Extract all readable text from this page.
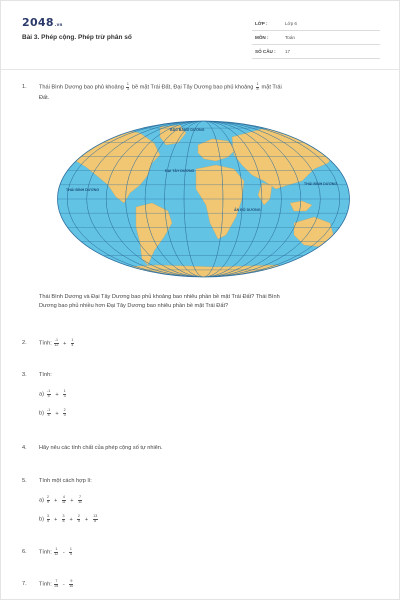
2048.vn
Bài 3. Phép cộng. Phép trừ phân số
LỚP :	Lớp 6
MÔN :	Toán
SỐ CÂU : 17
1. Thái Bình Dương bao phủ khoảng $\frac{1}{3}$ bề mặt Trái Đất, Đại Tây Dương bao phủ khoảng $\frac{1}{5}$ mặt Trái
Đất.
BẮC BĂNG DƯƠNG
ĐẠI TÂY DƯƠNG
THÁI BÌNH DƯƠNG
THÁI BÌNH DƯƠNG
ẤN ĐỘ DƯƠNG
Thái Bình Dương và Đại Tây Dương bao phủ khoảng bao nhiêu phần bề mặt Trái Đất? Thái Bình
Dương bao phủ nhiều hơn Đại Tây Dương bao nhiêu phần bề mặt Trái Đất?
2. Tính: $\frac{-1}{12} + \frac{1}{4}$
3. Tính:
$a) \frac{-1}{5} + \frac{1}{3}$
$b) \frac{-1}{4} + \frac{2}{3}$
4. Hãy nêu các tính chất của phép cộng số tự nhiên.
5. Tính một cách hợp lí:
$a) \frac{2}{9} + \frac{4}{11} + \frac{7}{11}$
$b) \frac{3}{5} + \frac{3}{8} + \frac{2}{5} + \frac{13}{8}$
6. Tính: $\frac{1}{12} - \frac{1}{4}$
7. Tính: $\frac{7}{25} - \frac{9}{10}$
